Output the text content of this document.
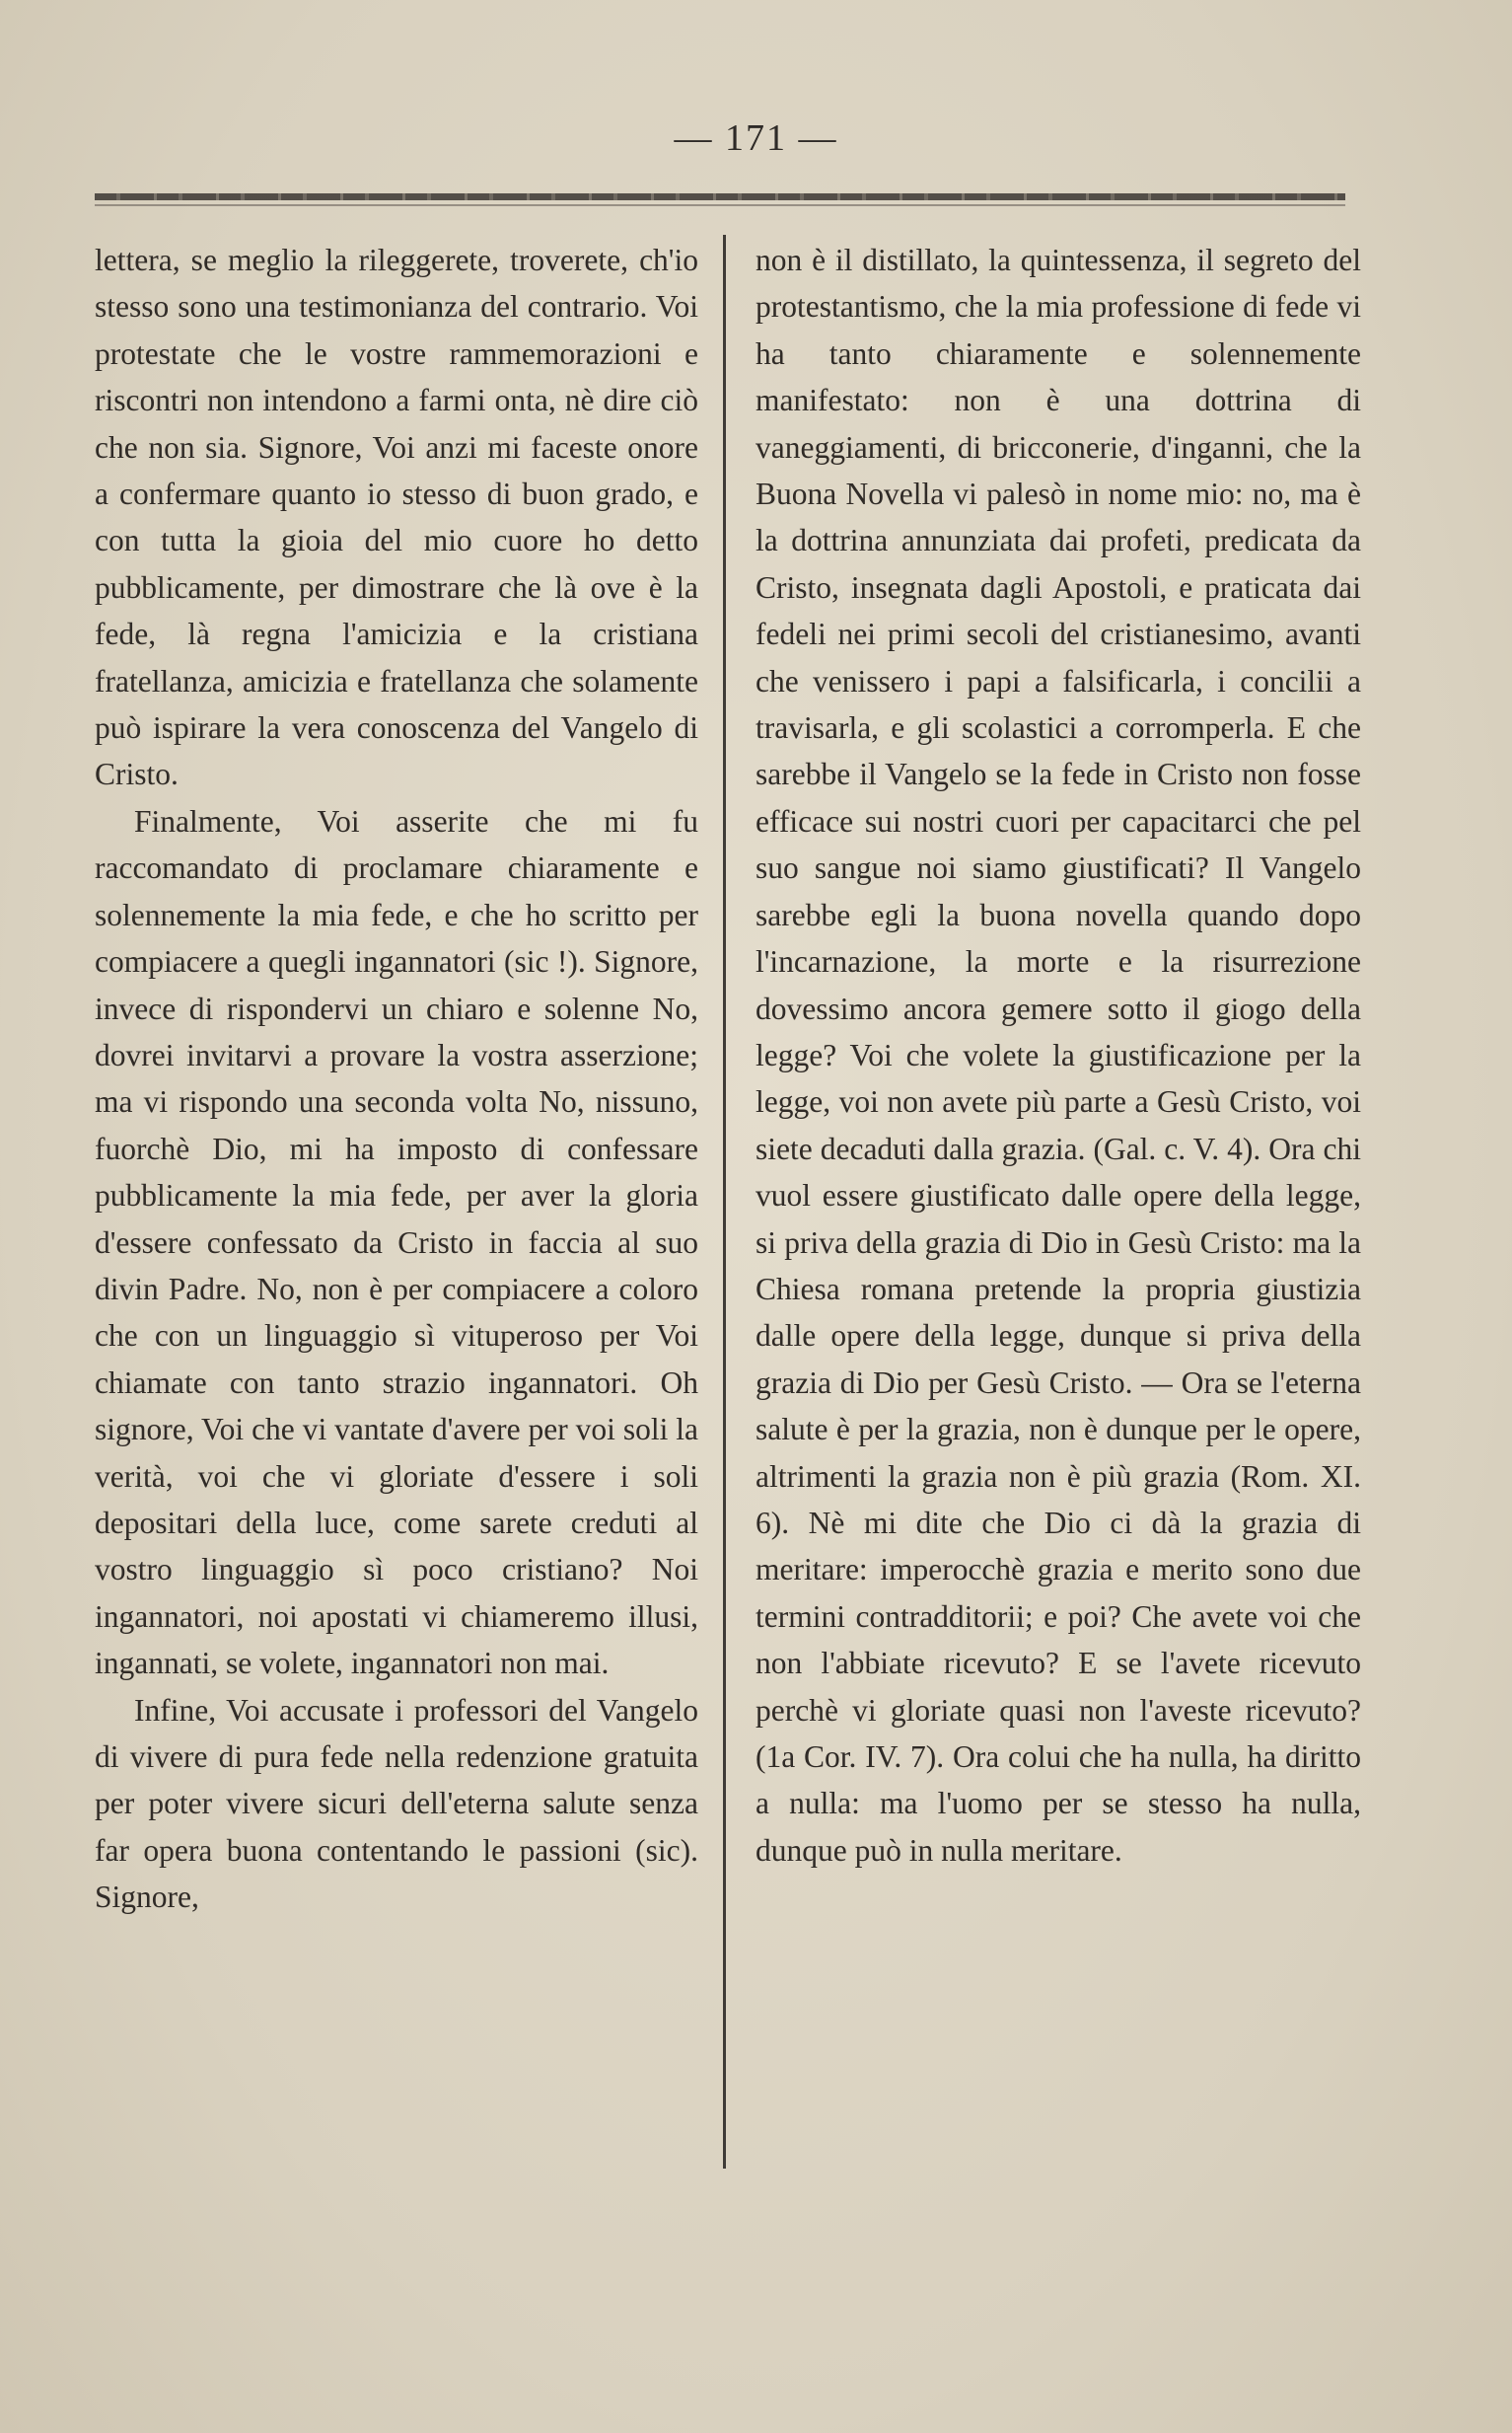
— 171 —

lettera, se meglio la rileggerete, troverete, ch'io stesso sono una testimonianza del contrario. Voi protestate che le vostre rammemorazioni e riscontri non intendono a farmi onta, nè dire ciò che non sia. Signore, Voi anzi mi faceste onore a confermare quanto io stesso di buon grado, e con tutta la gioia del mio cuore ho detto pubblicamente, per dimostrare che là ove è la fede, là regna l'amicizia e la cristiana fratellanza, amicizia e fratellanza che solamente può ispirare la vera conoscenza del Vangelo di Cristo.

Finalmente, Voi asserite che mi fu raccomandato di proclamare chiaramente e solennemente la mia fede, e che ho scritto per compiacere a quegli ingannatori (sic !). Signore, invece di rispondervi un chiaro e solenne No, dovrei invitarvi a provare la vostra asserzione; ma vi rispondo una seconda volta No, nissuno, fuorchè Dio, mi ha imposto di confessare pubblicamente la mia fede, per aver la gloria d'essere confessato da Cristo in faccia al suo divin Padre. No, non è per compiacere a coloro che con un linguaggio sì vituperoso per Voi chiamate con tanto strazio ingannatori. Oh signore, Voi che vi vantate d'avere per voi soli la verità, voi che vi gloriate d'essere i soli depositari della luce, come sarete creduti al vostro linguaggio sì poco cristiano? Noi ingannatori, noi apostati vi chiameremo illusi, ingannati, se volete, ingannatori non mai.

Infine, Voi accusate i professori del Vangelo di vivere di pura fede nella redenzione gratuita per poter vivere sicuri dell'eterna salute senza far opera buona contentando le passioni (sic). Signore,

non è il distillato, la quintessenza, il segreto del protestantismo, che la mia professione di fede vi ha tanto chiaramente e solennemente manifestato: non è una dottrina di vaneggiamenti, di bricconerie, d'inganni, che la Buona Novella vi palesò in nome mio: no, ma è la dottrina annunziata dai profeti, predicata da Cristo, insegnata dagli Apostoli, e praticata dai fedeli nei primi secoli del cristianesimo, avanti che venissero i papi a falsificarla, i concilii a travisarla, e gli scolastici a corromperla. E che sarebbe il Vangelo se la fede in Cristo non fosse efficace sui nostri cuori per capacitarci che pel suo sangue noi siamo giustificati? Il Vangelo sarebbe egli la buona novella quando dopo l'incarnazione, la morte e la risurrezione dovessimo ancora gemere sotto il giogo della legge? Voi che volete la giustificazione per la legge, voi non avete più parte a Gesù Cristo, voi siete decaduti dalla grazia. (Gal. c. V. 4). Ora chi vuol essere giustificato dalle opere della legge, si priva della grazia di Dio in Gesù Cristo: ma la Chiesa romana pretende la propria giustizia dalle opere della legge, dunque si priva della grazia di Dio per Gesù Cristo. — Ora se l'eterna salute è per la grazia, non è dunque per le opere, altrimenti la grazia non è più grazia (Rom. XI. 6). Nè mi dite che Dio ci dà la grazia di meritare: imperocchè grazia e merito sono due termini contradditorii; e poi? Che avete voi che non l'abbiate ricevuto? E se l'avete ricevuto perchè vi gloriate quasi non l'aveste ricevuto? (1a Cor. IV. 7). Ora colui che ha nulla, ha diritto a nulla: ma l'uomo per se stesso ha nulla, dunque può in nulla meritare.
